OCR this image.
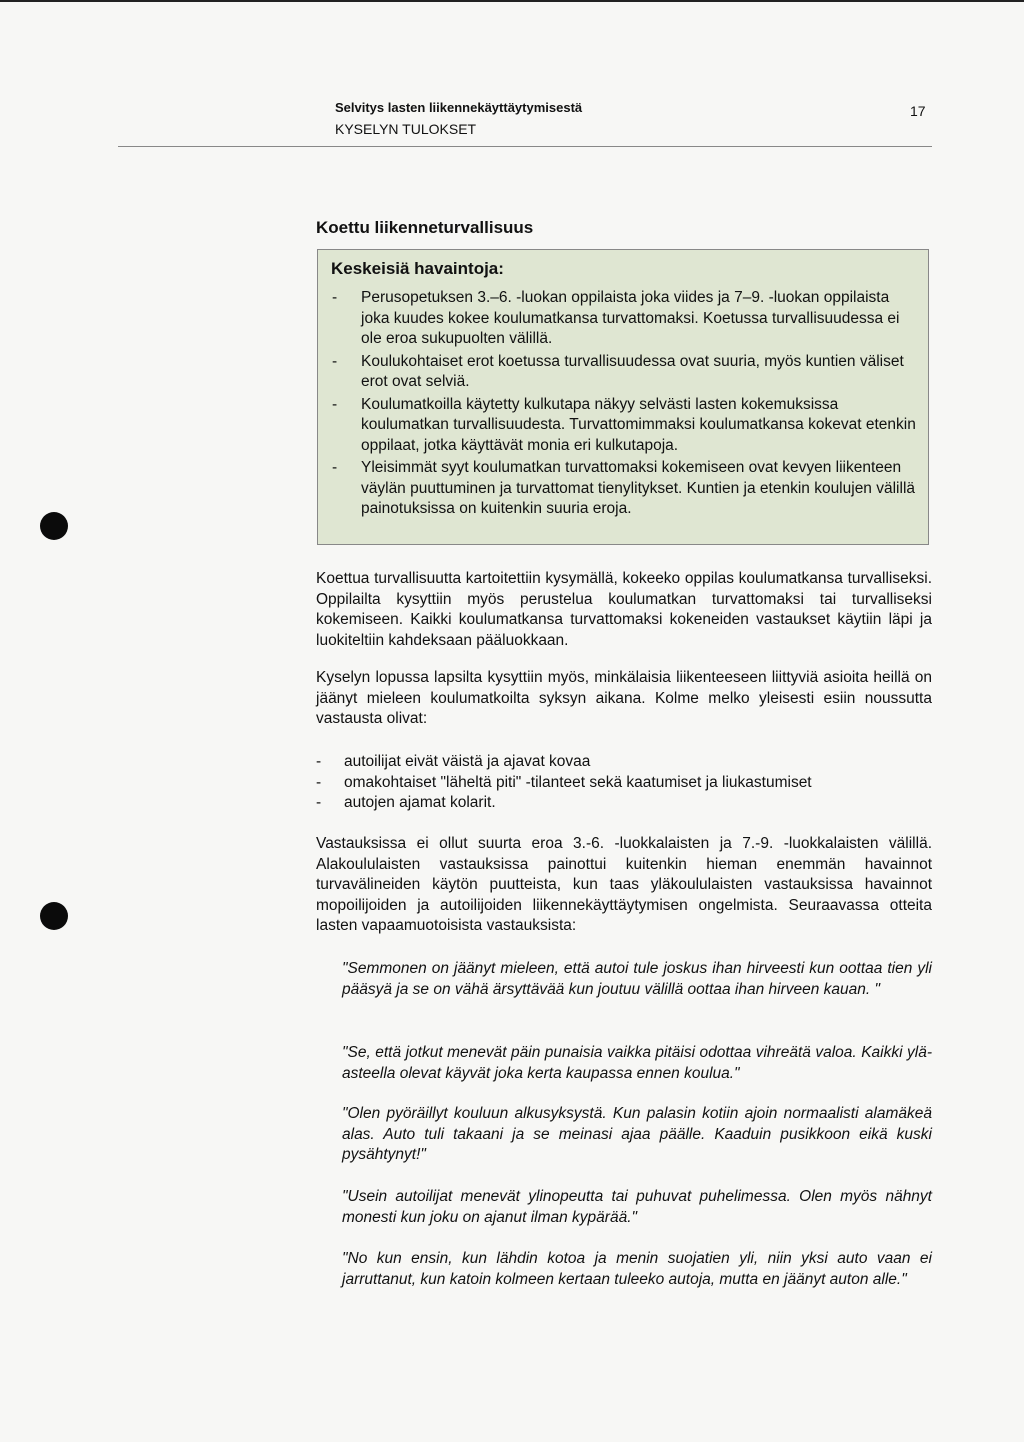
Selvitys lasten liikennekäyttäytymisestä
KYSELYN TULOKSET
17
Koettu liikenneturvallisuus
Keskeisiä havaintoja:
- Perusopetuksen 3.–6. -luokan oppilaista joka viides ja 7–9. -luokan oppilaista joka kuudes kokee koulumatkansa turvattomaksi. Koetussa turvallisuudessa ei ole eroa sukupuolten välillä.
- Koulukohtaiset erot koetussa turvallisuudessa ovat suuria, myös kuntien väliset erot ovat selviä.
- Koulumatkoilla käytetty kulkutapa näkyy selvästi lasten kokemuksissa koulumatkan turvallisuudesta. Turvattomimmaksi koulumatkansa kokevat etenkin oppilaat, jotka käyttävät monia eri kulkutapoja.
- Yleisimmät syyt koulumatkan turvattomaksi kokemiseen ovat kevyen liikenteen väylän puuttuminen ja turvattomat tienylitykset. Kuntien ja etenkin koulujen välillä painotuksissa on kuitenkin suuria eroja.

Koettua turvallisuutta kartoitettiin kysymällä, kokeeko oppilas koulumatkansa turvalliseksi. Oppilailta kysyttiin myös perustelua koulumatkan turvattomaksi tai turvalliseksi kokemiseen. Kaikki koulumatkansa turvattomaksi kokeneiden vastaukset käytiin läpi ja luokiteltiin kahdeksaan pääluokkaan.

Kyselyn lopussa lapsilta kysyttiin myös, minkälaisia liikenteeseen liittyviä asioita heillä on jäänyt mieleen koulumatkoilta syksyn aikana. Kolme melko yleisesti esiin noussutta vastausta olivat:

- autoilijat eivät väistä ja ajavat kovaa
- omakohtaiset "läheltä piti" -tilanteet sekä kaatumiset ja liukastumiset
- autojen ajamat kolarit.

Vastauksissa ei ollut suurta eroa 3.-6. -luokkalaisten ja 7.-9. -luokkalaisten välillä. Alakoululaisten vastauksissa painottui kuitenkin hieman enemmän havainnot turvavälineiden käytön puutteista, kun taas yläkoululaisten vastauksissa havainnot mopoilijoiden ja autoilijoiden liikennekäyttäytymisen ongelmista. Seuraavassa otteita lasten vapaamuotoisista vastauksista:

"Semmonen on jäänyt mieleen, että autoi tule joskus ihan hirveesti kun oottaa tien yli pääsyä ja se on vähä ärsyttävää kun joutuu välillä oottaa ihan hirveen kauan. "

"Se, että jotkut menevät päin punaisia vaikka pitäisi odottaa vihreätä valoa. Kaikki ylä-asteella olevat käyvät joka kerta kaupassa ennen koulua."

"Olen pyöräillyt kouluun alkusyksystä. Kun palasin kotiin ajoin normaalisti alamäkeä alas. Auto tuli takaani ja se meinasi ajaa päälle. Kaaduin pusikkoon eikä kuski pysähtynyt!"

"Usein autoilijat menevät ylinopeutta tai puhuvat puhelimessa. Olen myös nähnyt monesti kun joku on ajanut ilman kypärää."

"No kun ensin, kun lähdin kotoa ja menin suojatien yli, niin yksi auto vaan ei jarruttanut, kun katoin kolmeen kertaan tuleeko autoja, mutta en jäänyt auton alle."
